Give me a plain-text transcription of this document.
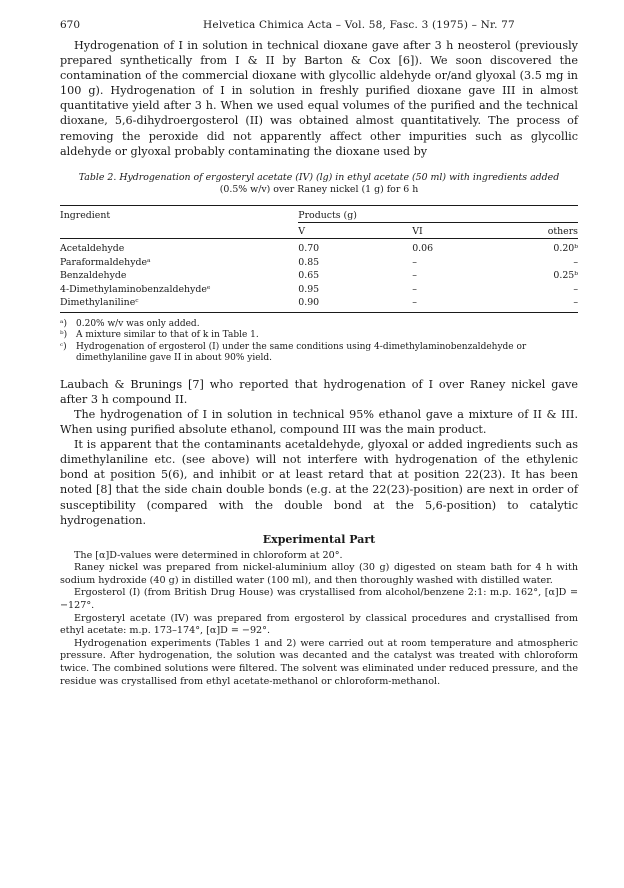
670	Helvetica Chimica Acta – Vol. 58, Fasc. 3 (1975) – Nr. 77

Hydrogenation of I in solution in technical dioxane gave after 3 h neosterol (previously prepared synthetically from I & II by Barton & Cox [6]). We soon discovered the contamination of the commercial dioxane with glycollic aldehyde or/and glyoxal (3.5 mg in 100 g). Hydrogenation of I in solution in freshly purified dioxane gave III in almost quantitative yield after 3 h. When we used equal volumes of the purified and the technical dioxane, 5,6-dihydroergosterol (II) was obtained almost quantitatively. The process of removing the peroxide did not apparently affect other impurities such as glycollic aldehyde or glyoxal probably contaminating the dioxane used by

Table 2. Hydrogenation of ergosteryl acetate (IV) (lg) in ethyl acetate (50 ml) with ingredients added
(0.5% w/v) over Raney nickel (1 g) for 6 h
Ingredient	Products (g)		

	V	VI	others
Acetaldehyde	0.70	0.06	0.20ᵇ
Paraformaldehydeᵃ	0.85	–	–
Benzaldehyde	0.65	–	0.25ᵇ
4-Dimethylaminobenzaldehydeᵉ	0.95	–	–
Dimethylanilineᶜ	0.90	–	–
ᵃ)	0.20% w/v was only added.
ᵇ) A mixture similar to that of k in Table 1.
ᶜ)	Hydrogenation of ergosterol (I) under the same conditions using 4-dimethylaminobenzaldehyde or dimethylaniline gave II in about 90% yield.

Laubach & Brunings [7] who reported that hydrogenation of I over Raney nickel gave after 3 h compound II.

The hydrogenation of I in solution in technical 95% ethanol gave a mixture of II & III. When using purified absolute ethanol, compound III was the main product.

It is apparent that the contaminants acetaldehyde, glyoxal or added ingredients such as dimethylaniline etc. (see above) will not interfere with hydrogenation of the ethylenic bond at position 5(6), and inhibit or at least retard that at position 22(23). It has been noted [8] that the side chain double bonds (e.g. at the 22(23)-position) are next in order of susceptibility (compared with the double bond at the 5,6-position) to catalytic hydrogenation.

Experimental Part

The [α]D-values were determined in chloroform at 20°.

Raney nickel was prepared from nickel-aluminium alloy (30 g) digested on steam bath for 4 h with sodium hydroxide (40 g) in distilled water (100 ml), and then thoroughly washed with distilled water.

Ergosterol (I) (from British Drug House) was crystallised from alcohol/benzene 2:1: m.p. 162°, [α]D = −127°.

Ergosteryl acetate (IV) was prepared from ergosterol by classical procedures and crystallised from ethyl acetate: m.p. 173–174°, [α]D = −92°.

Hydrogenation experiments (Tables 1 and 2) were carried out at room temperature and atmospheric pressure. After hydrogenation, the solution was decanted and the catalyst was treated with chloroform twice. The combined solutions were filtered. The solvent was eliminated under reduced pressure, and the residue was crystallised from ethyl acetate-methanol or chloroform-methanol.
